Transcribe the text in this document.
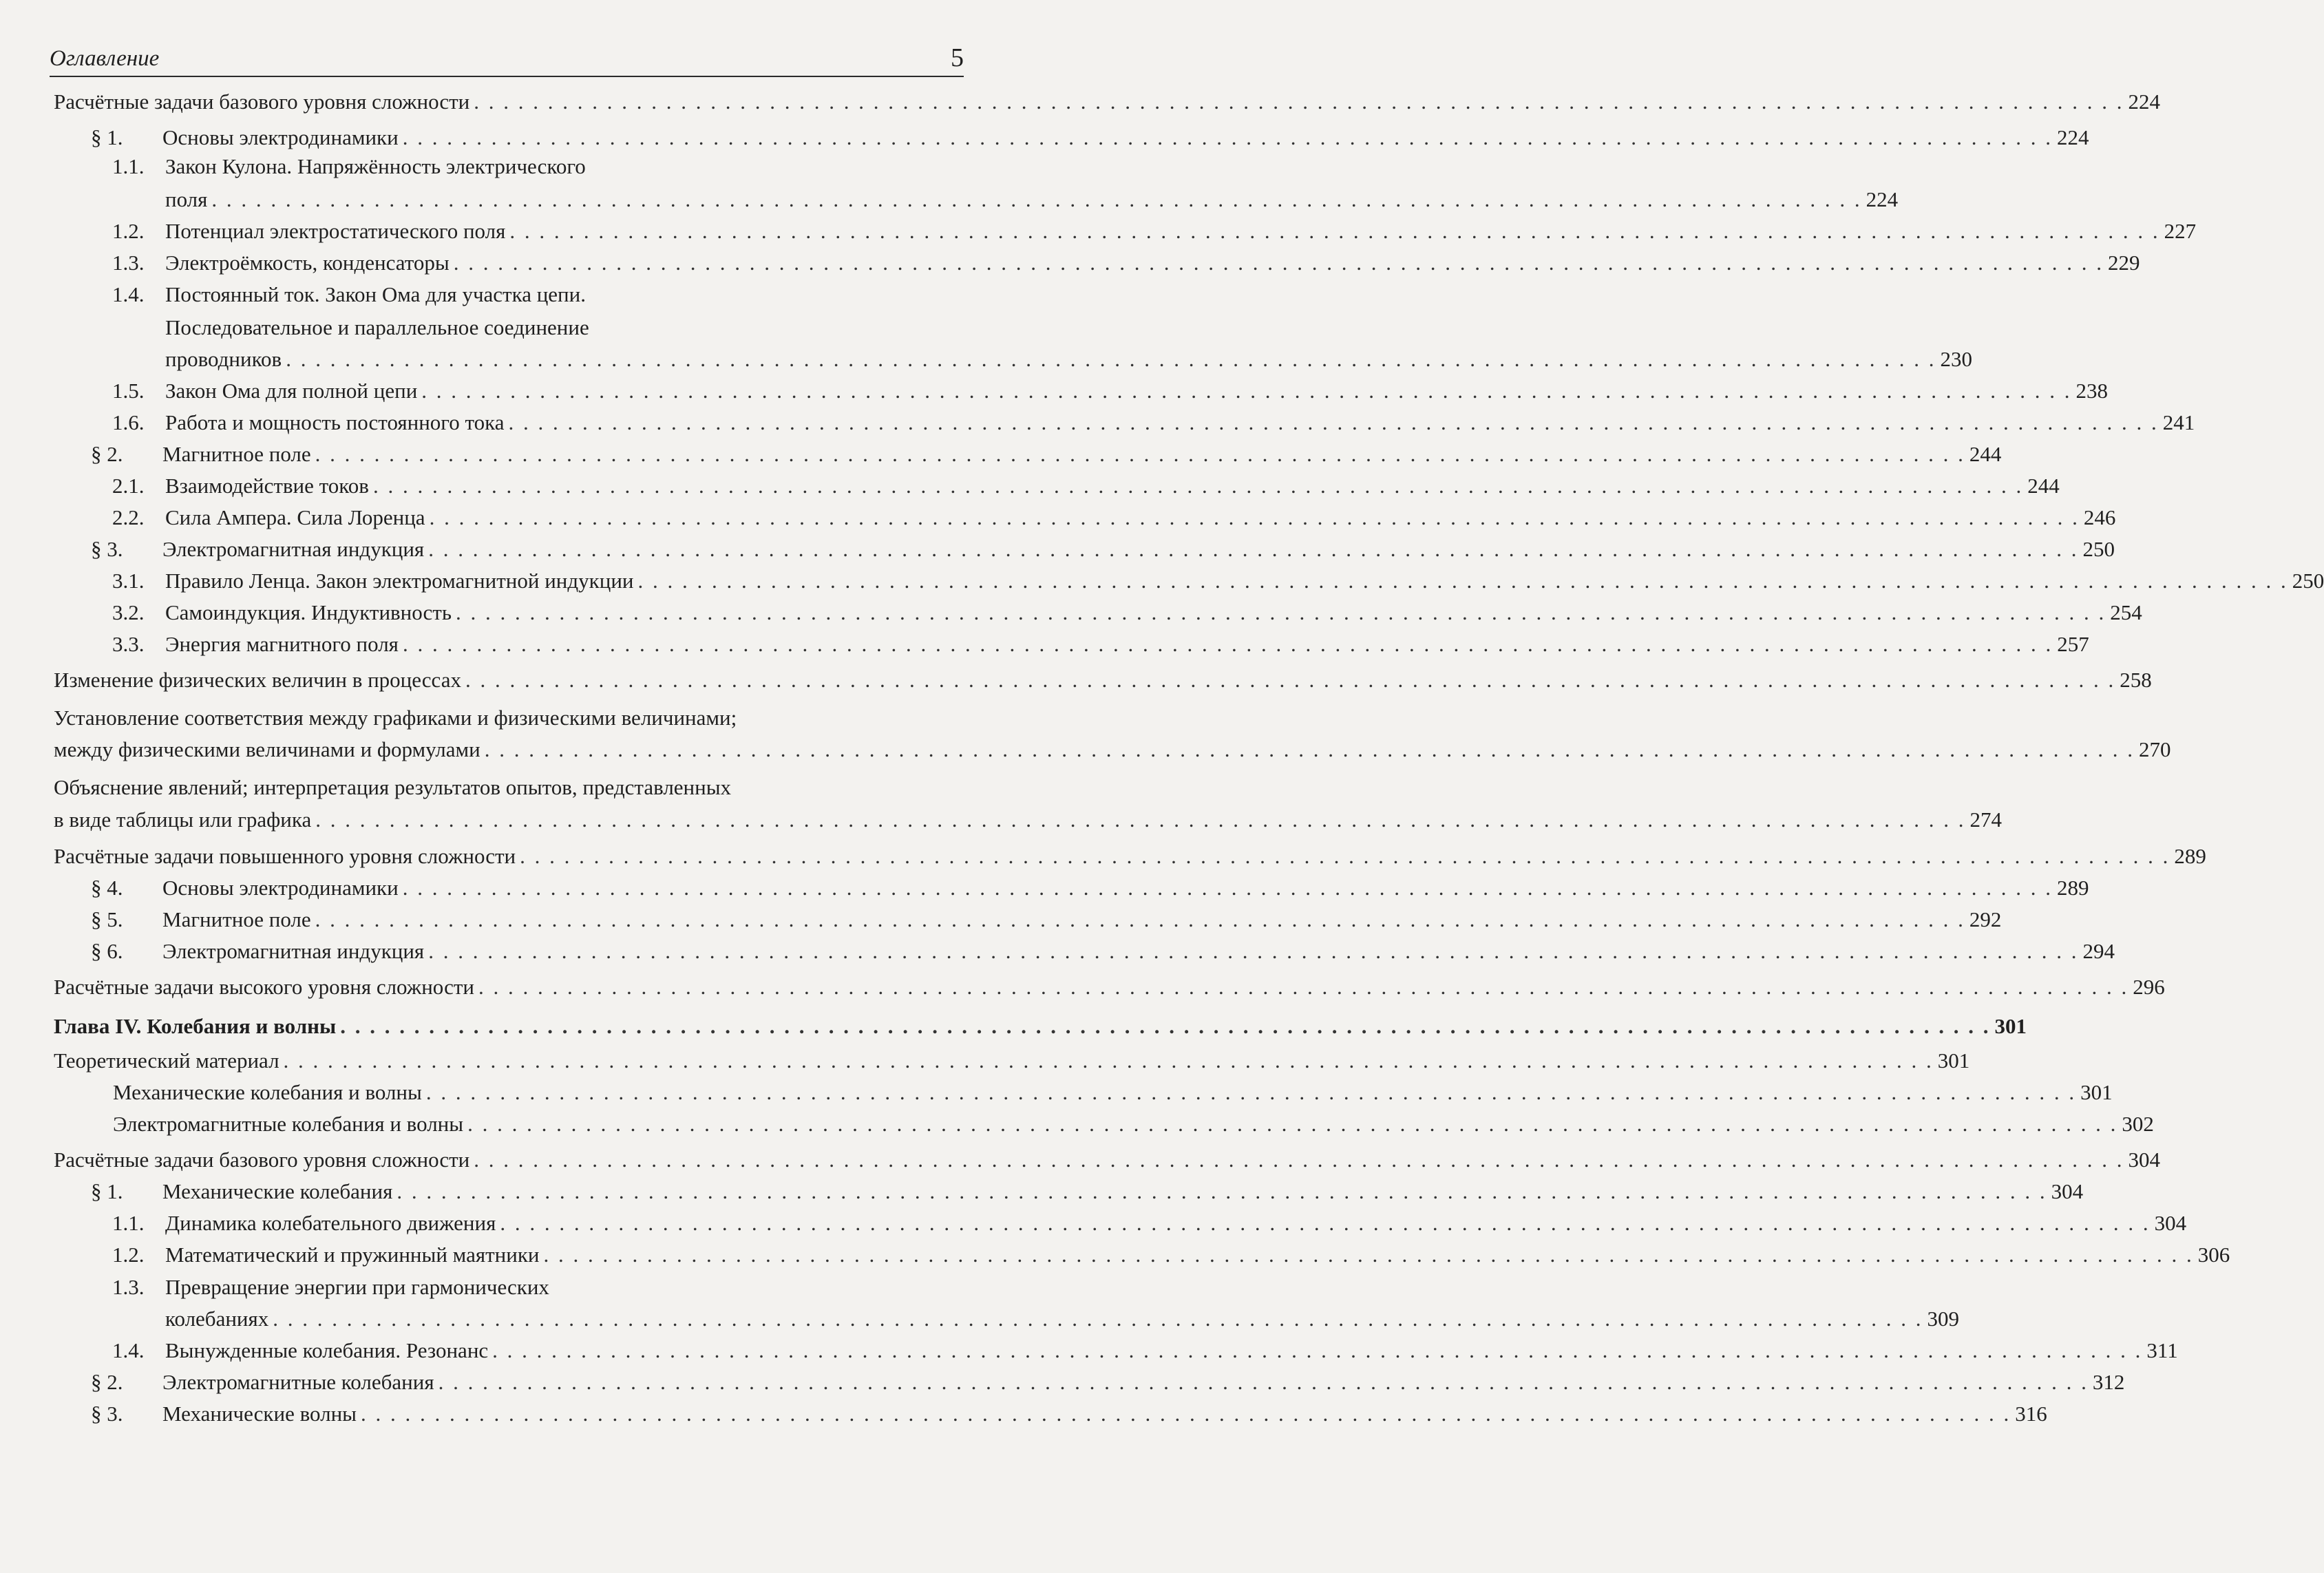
Оглавление	5
Расчётные задачи базового уровня сложности . . . . . . . . . . . . . . . . . . . . . . . . . . . . . . . . . . . . . . . . . . . . . . . . . . . . . . . . . . . . . . . . . . . . . . . . . . . . . . . . . . . . . . . . . . . . . . . . . . . . . . . . . . . . . . . . 224
§ 1. Основы электродинамики . . . . . . . . . . . . . . . . . . . . . . . . . . . . . . . . . . . . . . . . . . . . . . . . . . . . . . . . . . . . . . . . . . . . . . . . . . . . . . . . . . . . . . . . . . . . . . . . . . . . . . . . . . . . . . . . 224
1.1. Закон Кулона. Напряжённость электрического
поля . . . . . . . . . . . . . . . . . . . . . . . . . . . . . . . . . . . . . . . . . . . . . . . . . . . . . . . . . . . . . . . . . . . . . . . . . . . . . . . . . . . . . . . . . . . . . . . . . . . . . . . . . . . . . . . . 224
1.2. Потенциал электростатического поля . . . . . . . . . . . . . . . . . . . . . . . . . . . . . . . . . . . . . . . . . . . . . . . . . . . . . . . . . . . . . . . . . . . . . . . . . . . . . . . . . . . . . . . . . . . . . . . . . . . . . . . . . . . . . . . . 227
1.3. Электроёмкость, конденсаторы . . . . . . . . . . . . . . . . . . . . . . . . . . . . . . . . . . . . . . . . . . . . . . . . . . . . . . . . . . . . . . . . . . . . . . . . . . . . . . . . . . . . . . . . . . . . . . . . . . . . . . . . . . . . . . . . 229
1.4. Постоянный ток. Закон Ома для участка цепи.
Последовательное и параллельное соединение
проводников . . . . . . . . . . . . . . . . . . . . . . . . . . . . . . . . . . . . . . . . . . . . . . . . . . . . . . . . . . . . . . . . . . . . . . . . . . . . . . . . . . . . . . . . . . . . . . . . . . . . . . . . . . . . . . . . 230
1.5. Закон Ома для полной цепи . . . . . . . . . . . . . . . . . . . . . . . . . . . . . . . . . . . . . . . . . . . . . . . . . . . . . . . . . . . . . . . . . . . . . . . . . . . . . . . . . . . . . . . . . . . . . . . . . . . . . . . . . . . . . . . . 238
1.6. Работа и мощность постоянного тока . . . . . . . . . . . . . . . . . . . . . . . . . . . . . . . . . . . . . . . . . . . . . . . . . . . . . . . . . . . . . . . . . . . . . . . . . . . . . . . . . . . . . . . . . . . . . . . . . . . . . . . . . . . . . . . . 241
§ 2. Магнитное поле . . . . . . . . . . . . . . . . . . . . . . . . . . . . . . . . . . . . . . . . . . . . . . . . . . . . . . . . . . . . . . . . . . . . . . . . . . . . . . . . . . . . . . . . . . . . . . . . . . . . . . . . . . . . . . . . 244
2.1. Взаимодействие токов . . . . . . . . . . . . . . . . . . . . . . . . . . . . . . . . . . . . . . . . . . . . . . . . . . . . . . . . . . . . . . . . . . . . . . . . . . . . . . . . . . . . . . . . . . . . . . . . . . . . . . . . . . . . . . . . 244
2.2. Сила Ампера. Сила Лоренца . . . . . . . . . . . . . . . . . . . . . . . . . . . . . . . . . . . . . . . . . . . . . . . . . . . . . . . . . . . . . . . . . . . . . . . . . . . . . . . . . . . . . . . . . . . . . . . . . . . . . . . . . . . . . . . . 246
§ 3. Электромагнитная индукция . . . . . . . . . . . . . . . . . . . . . . . . . . . . . . . . . . . . . . . . . . . . . . . . . . . . . . . . . . . . . . . . . . . . . . . . . . . . . . . . . . . . . . . . . . . . . . . . . . . . . . . . . . . . . . . . 250
3.1. Правило Ленца. Закон электромагнитной индукции . . . . . . . . . . . . . . . . . . . . . . . . . . . . . . . . . . . . . . . . . . . . . . . . . . . . . . . . . . . . . . . . . . . . . . . . . . . . . . . . . . . . . . . . . . . . . . . . . . . . . . . . . . . . . . . . 250
3.2. Самоиндукция. Индуктивность . . . . . . . . . . . . . . . . . . . . . . . . . . . . . . . . . . . . . . . . . . . . . . . . . . . . . . . . . . . . . . . . . . . . . . . . . . . . . . . . . . . . . . . . . . . . . . . . . . . . . . . . . . . . . . . . 254
3.3. Энергия магнитного поля . . . . . . . . . . . . . . . . . . . . . . . . . . . . . . . . . . . . . . . . . . . . . . . . . . . . . . . . . . . . . . . . . . . . . . . . . . . . . . . . . . . . . . . . . . . . . . . . . . . . . . . . . . . . . . . . 257
Изменение физических величин в процессах . . . . . . . . . . . . . . . . . . . . . . . . . . . . . . . . . . . . . . . . . . . . . . . . . . . . . . . . . . . . . . . . . . . . . . . . . . . . . . . . . . . . . . . . . . . . . . . . . . . . . . . . . . . . . . . . 258
Установление соответствия между графиками и физическими величинами;
между физическими величинами и формулами . . . . . . . . . . . . . . . . . . . . . . . . . . . . . . . . . . . . . . . . . . . . . . . . . . . . . . . . . . . . . . . . . . . . . . . . . . . . . . . . . . . . . . . . . . . . . . . . . . . . . . . . . . . . . . . . 270
Объяснение явлений; интерпретация результатов опытов, представленных
в виде таблицы или графика . . . . . . . . . . . . . . . . . . . . . . . . . . . . . . . . . . . . . . . . . . . . . . . . . . . . . . . . . . . . . . . . . . . . . . . . . . . . . . . . . . . . . . . . . . . . . . . . . . . . . . . . . . . . . . . . 274
Расчётные задачи повышенного уровня сложности . . . . . . . . . . . . . . . . . . . . . . . . . . . . . . . . . . . . . . . . . . . . . . . . . . . . . . . . . . . . . . . . . . . . . . . . . . . . . . . . . . . . . . . . . . . . . . . . . . . . . . . . . . . . . . . . 289
§ 4. Основы электродинамики . . . . . . . . . . . . . . . . . . . . . . . . . . . . . . . . . . . . . . . . . . . . . . . . . . . . . . . . . . . . . . . . . . . . . . . . . . . . . . . . . . . . . . . . . . . . . . . . . . . . . . . . . . . . . . . . 289
§ 5. Магнитное поле . . . . . . . . . . . . . . . . . . . . . . . . . . . . . . . . . . . . . . . . . . . . . . . . . . . . . . . . . . . . . . . . . . . . . . . . . . . . . . . . . . . . . . . . . . . . . . . . . . . . . . . . . . . . . . . . 292
§ 6. Электромагнитная индукция . . . . . . . . . . . . . . . . . . . . . . . . . . . . . . . . . . . . . . . . . . . . . . . . . . . . . . . . . . . . . . . . . . . . . . . . . . . . . . . . . . . . . . . . . . . . . . . . . . . . . . . . . . . . . . . . 294
Расчётные задачи высокого уровня сложности . . . . . . . . . . . . . . . . . . . . . . . . . . . . . . . . . . . . . . . . . . . . . . . . . . . . . . . . . . . . . . . . . . . . . . . . . . . . . . . . . . . . . . . . . . . . . . . . . . . . . . . . . . . . . . . . 296
Глава IV. Колебания и волны . . . . . . . . . . . . . . . . . . . . . . . . . . . . . . . . . . . . . . . . . . . . . . . . . . . . . . . . . . . . . . . . . . . . . . . . . . . . . . . . . . . . . . . . . . . . . . . . . . . . . . . . . . . . . . . . 301
Теоретический материал . . . . . . . . . . . . . . . . . . . . . . . . . . . . . . . . . . . . . . . . . . . . . . . . . . . . . . . . . . . . . . . . . . . . . . . . . . . . . . . . . . . . . . . . . . . . . . . . . . . . . . . . . . . . . . . . 301
Механические колебания и волны . . . . . . . . . . . . . . . . . . . . . . . . . . . . . . . . . . . . . . . . . . . . . . . . . . . . . . . . . . . . . . . . . . . . . . . . . . . . . . . . . . . . . . . . . . . . . . . . . . . . . . . . . . . . . . . . 301
Электромагнитные колебания и волны . . . . . . . . . . . . . . . . . . . . . . . . . . . . . . . . . . . . . . . . . . . . . . . . . . . . . . . . . . . . . . . . . . . . . . . . . . . . . . . . . . . . . . . . . . . . . . . . . . . . . . . . . . . . . . . . 302
Расчётные задачи базового уровня сложности . . . . . . . . . . . . . . . . . . . . . . . . . . . . . . . . . . . . . . . . . . . . . . . . . . . . . . . . . . . . . . . . . . . . . . . . . . . . . . . . . . . . . . . . . . . . . . . . . . . . . . . . . . . . . . . . 304
§ 1. Механические колебания . . . . . . . . . . . . . . . . . . . . . . . . . . . . . . . . . . . . . . . . . . . . . . . . . . . . . . . . . . . . . . . . . . . . . . . . . . . . . . . . . . . . . . . . . . . . . . . . . . . . . . . . . . . . . . . . 304
1.1. Динамика колебательного движения . . . . . . . . . . . . . . . . . . . . . . . . . . . . . . . . . . . . . . . . . . . . . . . . . . . . . . . . . . . . . . . . . . . . . . . . . . . . . . . . . . . . . . . . . . . . . . . . . . . . . . . . . . . . . . . . 304
1.2. Математический и пружинный маятники . . . . . . . . . . . . . . . . . . . . . . . . . . . . . . . . . . . . . . . . . . . . . . . . . . . . . . . . . . . . . . . . . . . . . . . . . . . . . . . . . . . . . . . . . . . . . . . . . . . . . . . . . . . . . . . . 306
1.3. Превращение энергии при гармонических
колебаниях . . . . . . . . . . . . . . . . . . . . . . . . . . . . . . . . . . . . . . . . . . . . . . . . . . . . . . . . . . . . . . . . . . . . . . . . . . . . . . . . . . . . . . . . . . . . . . . . . . . . . . . . . . . . . . . . 309
1.4. Вынужденные колебания. Резонанс . . . . . . . . . . . . . . . . . . . . . . . . . . . . . . . . . . . . . . . . . . . . . . . . . . . . . . . . . . . . . . . . . . . . . . . . . . . . . . . . . . . . . . . . . . . . . . . . . . . . . . . . . . . . . . . . 311
§ 2. Электромагнитные колебания . . . . . . . . . . . . . . . . . . . . . . . . . . . . . . . . . . . . . . . . . . . . . . . . . . . . . . . . . . . . . . . . . . . . . . . . . . . . . . . . . . . . . . . . . . . . . . . . . . . . . . . . . . . . . . . . 312
§ 3. Механические волны . . . . . . . . . . . . . . . . . . . . . . . . . . . . . . . . . . . . . . . . . . . . . . . . . . . . . . . . . . . . . . . . . . . . . . . . . . . . . . . . . . . . . . . . . . . . . . . . . . . . . . . . . . . . . . . . 316
